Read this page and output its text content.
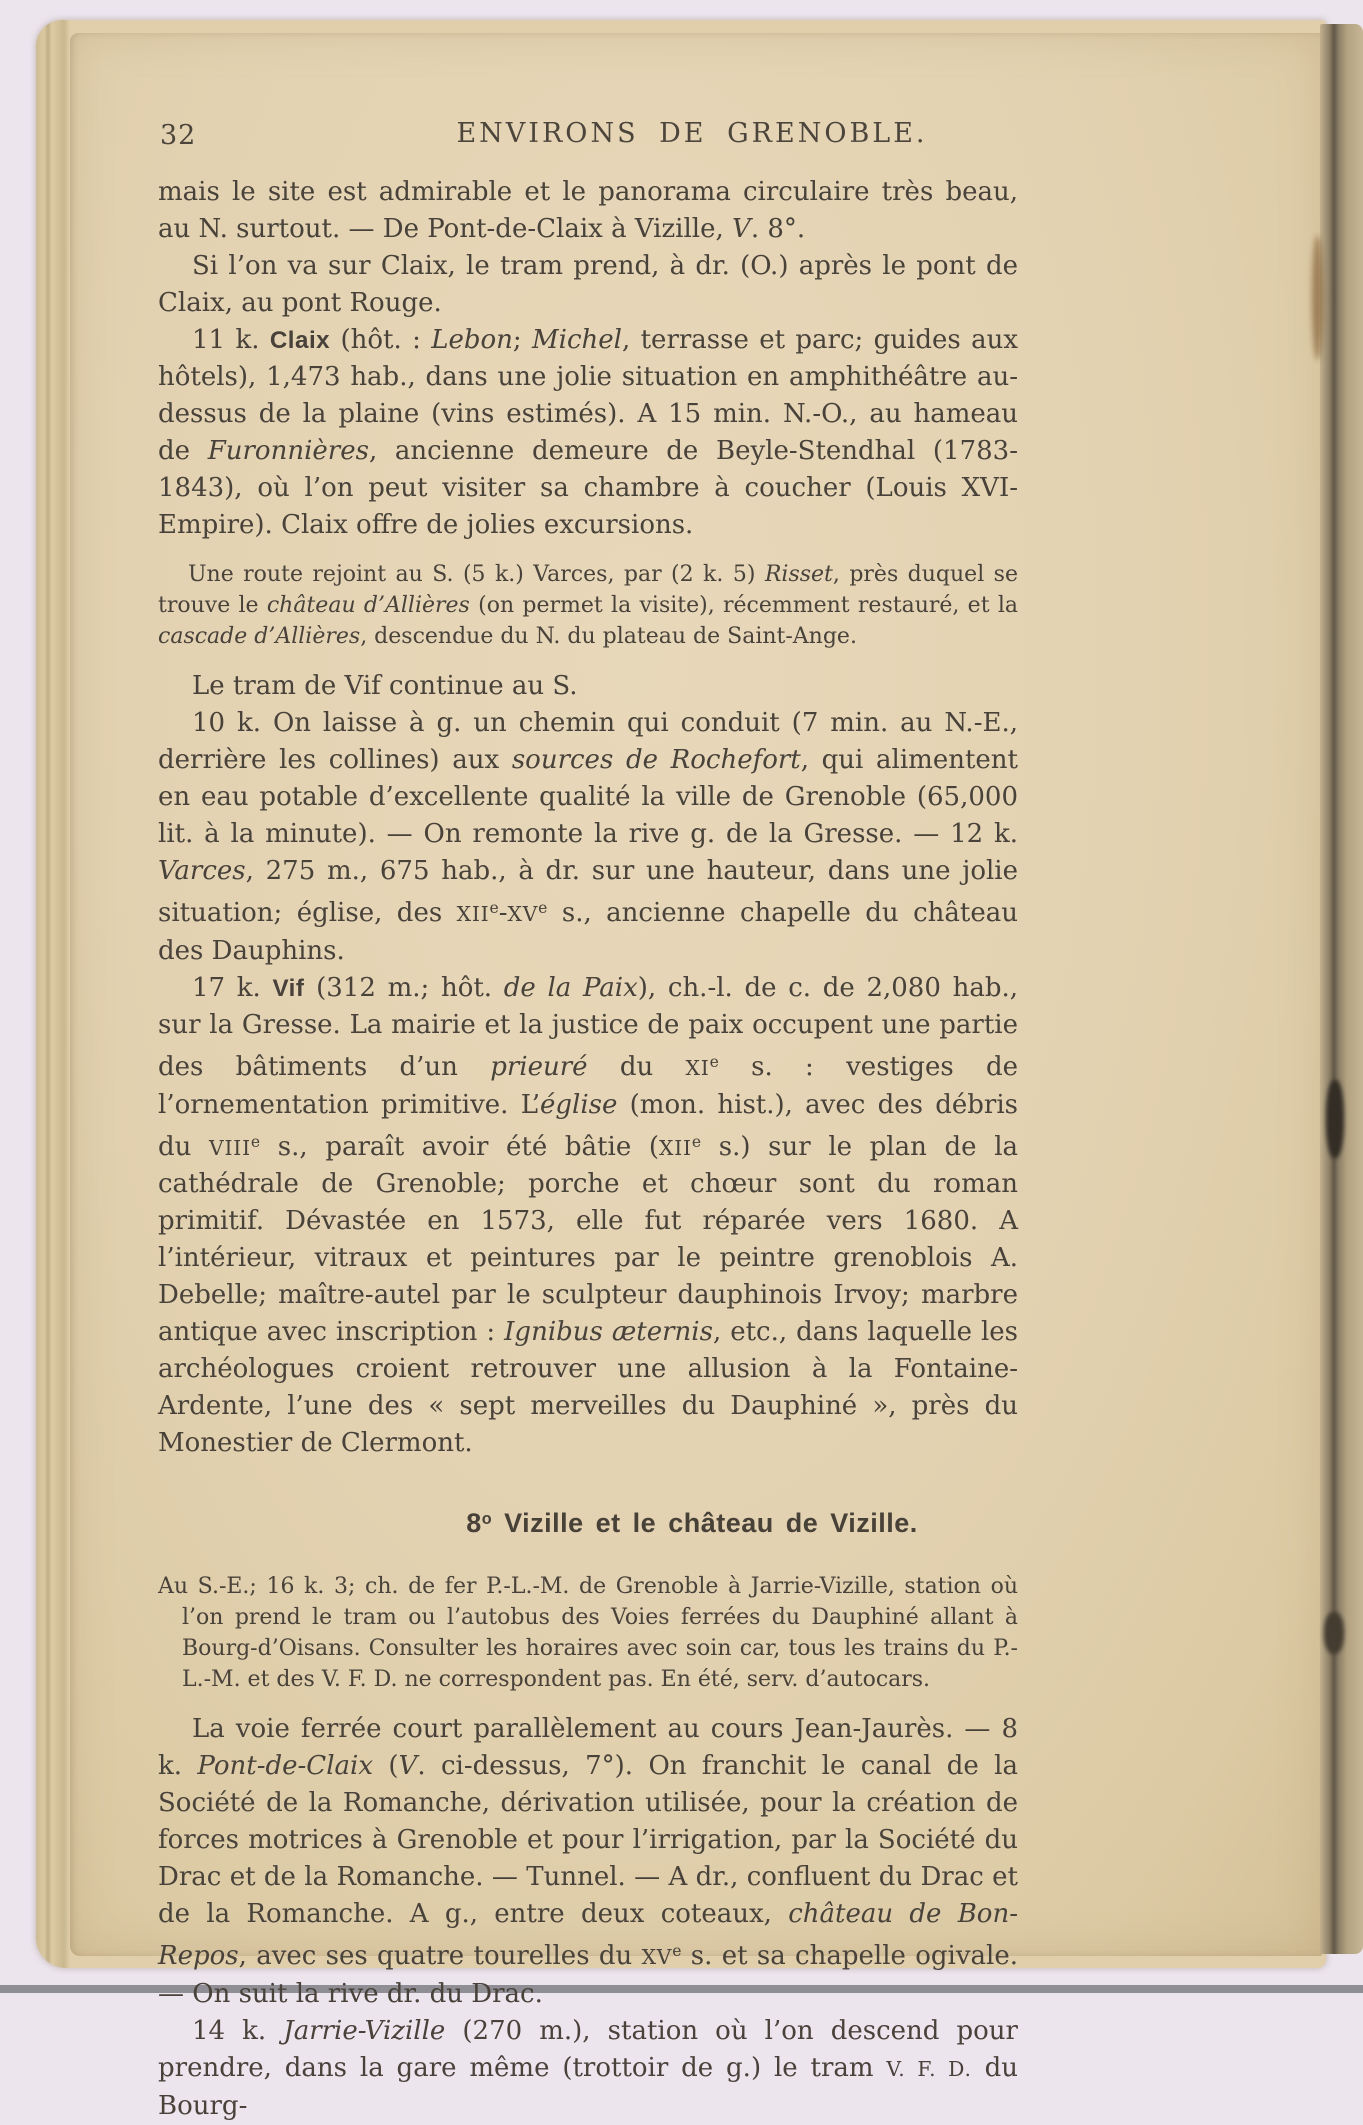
32	ENVIRONS DE GRENOBLE.

mais le site est admirable et le panorama circulaire très beau, au N. surtout. — De Pont-de-Claix à Vizille, V. 8°.

Si l’on va sur Claix, le tram prend, à dr. (O.) après le pont de Claix, au pont Rouge.

11 k. Claix (hôt. : Lebon; Michel, terrasse et parc; guides aux hôtels), 1,473 hab., dans une jolie situation en amphithéâtre au-dessus de la plaine (vins estimés). A 15 min. N.-O., au hameau de Furonnières, ancienne demeure de Beyle-Stendhal (1783-1843), où l’on peut visiter sa chambre à coucher (Louis XVI-Empire). Claix offre de jolies excursions.

Une route rejoint au S. (5 k.) Varces, par (2 k. 5) Risset, près duquel se trouve le château d’Allières (on permet la visite), récemment restauré, et la cascade d’Allières, descendue du N. du plateau de Saint-Ange.

Le tram de Vif continue au S.

10 k. On laisse à g. un chemin qui conduit (7 min. au N.-E., derrière les collines) aux sources de Rochefort, qui alimentent en eau potable d’excellente qualité la ville de Grenoble (65,000 lit. à la minute). — On remonte la rive g. de la Gresse. — 12 k. Varces, 275 m., 675 hab., à dr. sur une hauteur, dans une jolie situation; église, des XIIe-XVe s., ancienne chapelle du château des Dauphins.

17 k. Vif (312 m.; hôt. de la Paix), ch.-l. de c. de 2,080 hab., sur la Gresse. La mairie et la justice de paix occupent une partie des bâtiments d’un prieuré du XIe s. : vestiges de l’ornementation primitive. L’église (mon. hist.), avec des débris du VIIIe s., paraît avoir été bâtie (XIIe s.) sur le plan de la cathédrale de Grenoble; porche et chœur sont du roman primitif. Dévastée en 1573, elle fut réparée vers 1680. A l’intérieur, vitraux et peintures par le peintre grenoblois A. Debelle; maître-autel par le sculpteur dauphinois Irvoy; marbre antique avec inscription : Ignibus æternis, etc., dans laquelle les archéologues croient retrouver une allusion à la Fontaine-Ardente, l’une des « sept merveilles du Dauphiné », près du Monestier de Clermont.

8$^o$ Vizille et le château de Vizille.

Au S.-E.; 16 k. 3; ch. de fer P.-L.-M. de Grenoble à Jarrie-Vizille, station où l’on prend le tram ou l’autobus des Voies ferrées du Dauphiné allant à Bourg-d’Oisans. Consulter les horaires avec soin car, tous les trains du P.-L.-M. et des V. F. D. ne correspondent pas. En été, serv. d’autocars.

La voie ferrée court parallèlement au cours Jean-Jaurès. — 8 k. Pont-de-Claix (V. ci-dessus, 7°). On franchit le canal de la Société de la Romanche, dérivation utilisée, pour la création de forces motrices à Grenoble et pour l’irrigation, par la Société du Drac et de la Romanche. — Tunnel. — A dr., confluent du Drac et de la Romanche. A g., entre deux coteaux, château de Bon-Repos, avec ses quatre tourelles du XVe s. et sa chapelle ogivale. — On suit la rive dr. du Drac.

14 k. Jarrie-Vizille (270 m.), station où l’on descend pour prendre, dans la gare même (trottoir de g.) le tram V. F. D. du Bourg-
